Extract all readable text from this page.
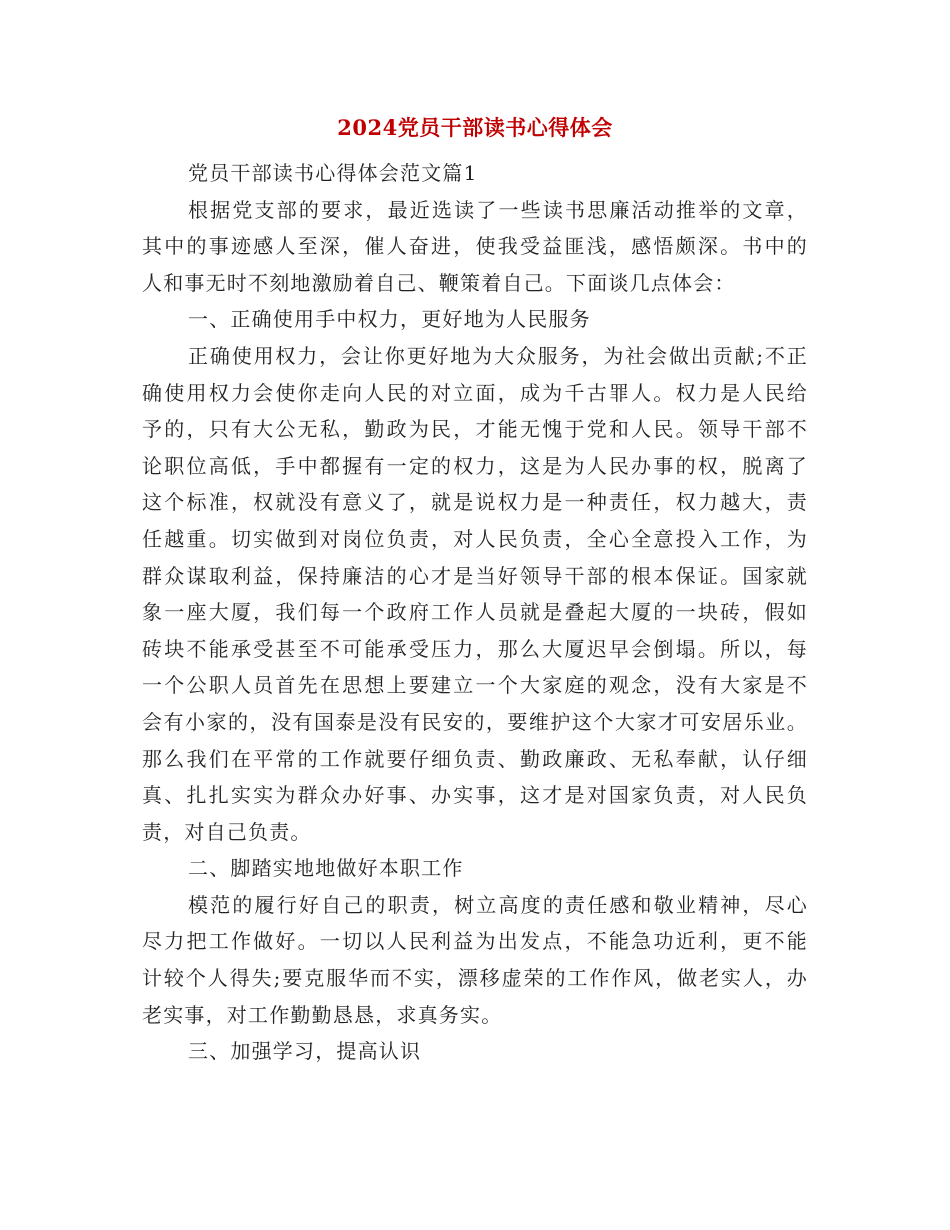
2024党员干部读书心得体会
党员干部读书心得体会范文篇1
根据党支部的要求，最近选读了一些读书思廉活动推举的文章，
其中的事迹感人至深，催人奋进，使我受益匪浅，感悟颇深。书中的
人和事无时不刻地激励着自己、鞭策着自己。下面谈几点体会：
一、正确使用手中权力，更好地为人民服务
正确使用权力，会让你更好地为大众服务，为社会做出贡献;不正
确使用权力会使你走向人民的对立面，成为千古罪人。权力是人民给
予的，只有大公无私，勤政为民，才能无愧于党和人民。领导干部不
论职位高低，手中都握有一定的权力，这是为人民办事的权，脱离了
这个标准，权就没有意义了，就是说权力是一种责任，权力越大，责
任越重。切实做到对岗位负责，对人民负责，全心全意投入工作，为
群众谋取利益，保持廉洁的心才是当好领导干部的根本保证。国家就
象一座大厦，我们每一个政府工作人员就是叠起大厦的一块砖，假如
砖块不能承受甚至不可能承受压力，那么大厦迟早会倒塌。所以，每
一个公职人员首先在思想上要建立一个大家庭的观念，没有大家是不
会有小家的，没有国泰是没有民安的，要维护这个大家才可安居乐业。
那么我们在平常的工作就要仔细负责、勤政廉政、无私奉献，认仔细
真、扎扎实实为群众办好事、办实事，这才是对国家负责，对人民负
责，对自己负责。
二、脚踏实地地做好本职工作
模范的履行好自己的职责，树立高度的责任感和敬业精神，尽心
尽力把工作做好。一切以人民利益为出发点，不能急功近利，更不能
计较个人得失;要克服华而不实，漂移虚荣的工作作风，做老实人，办
老实事，对工作勤勤恳恳，求真务实。
三、加强学习，提高认识
